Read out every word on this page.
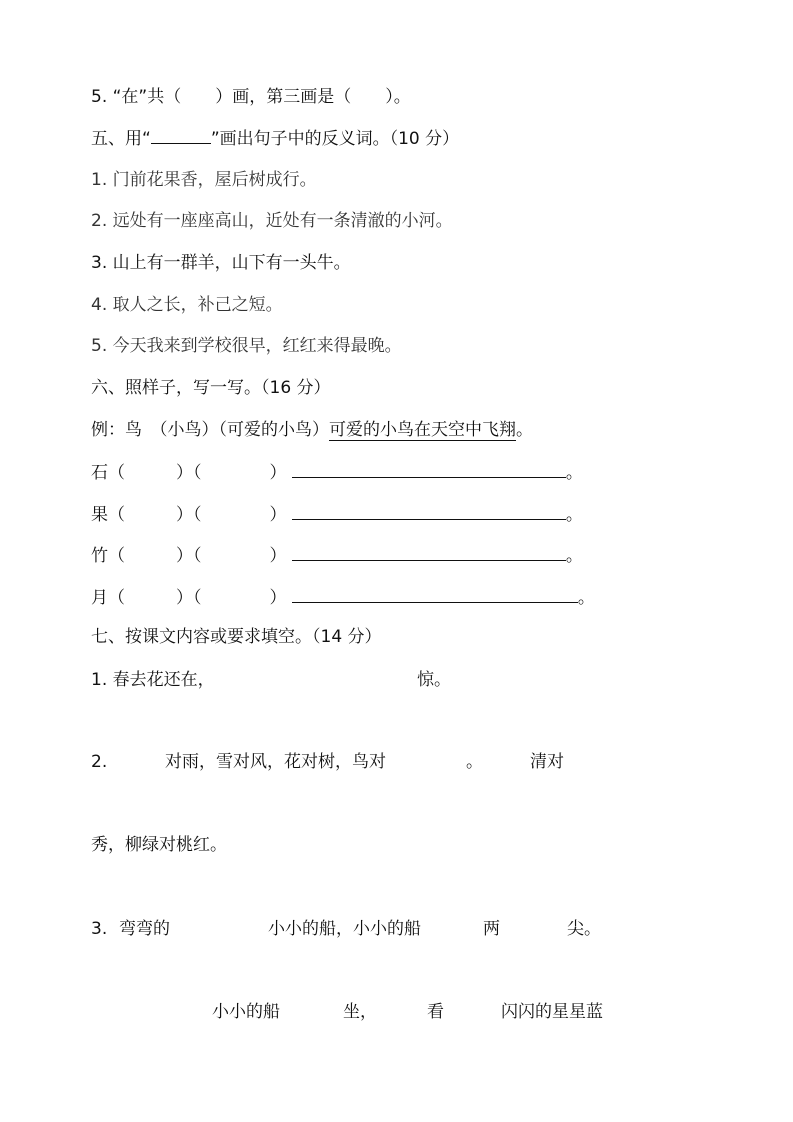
5. “在”共（　　）画，第三画是（　　）。
五、用“	”画出句子中的反义词。（10 分）
1. 门前花果香，屋后树成行。
2. 远处有一座座高山，近处有一条清澈的小河。
3. 山上有一群羊，山下有一头牛。
4. 取人之长，补己之短。
5. 今天我来到学校很早，红红来得最晚。
六、照样子，写一写。（16 分）
例：鸟　（小鸟）（可爱的小鸟）可爱的小鸟在天空中飞翔。
石（　　　）（　　　　）	。
果（　　　）（　　　　）	。
竹（　　　）（　　　　）	。
月（　　　）（　　　　）	。
七、按课文内容或要求填空。（14 分）
1. 春去花还在，	惊。
2.	对雨，雪对风，花对树，鸟对	。	清对
秀，柳绿对桃红。
3. 弯弯的	小小的船，小小的船	两	尖。
小小的船	坐，	看	闪闪的星星蓝
